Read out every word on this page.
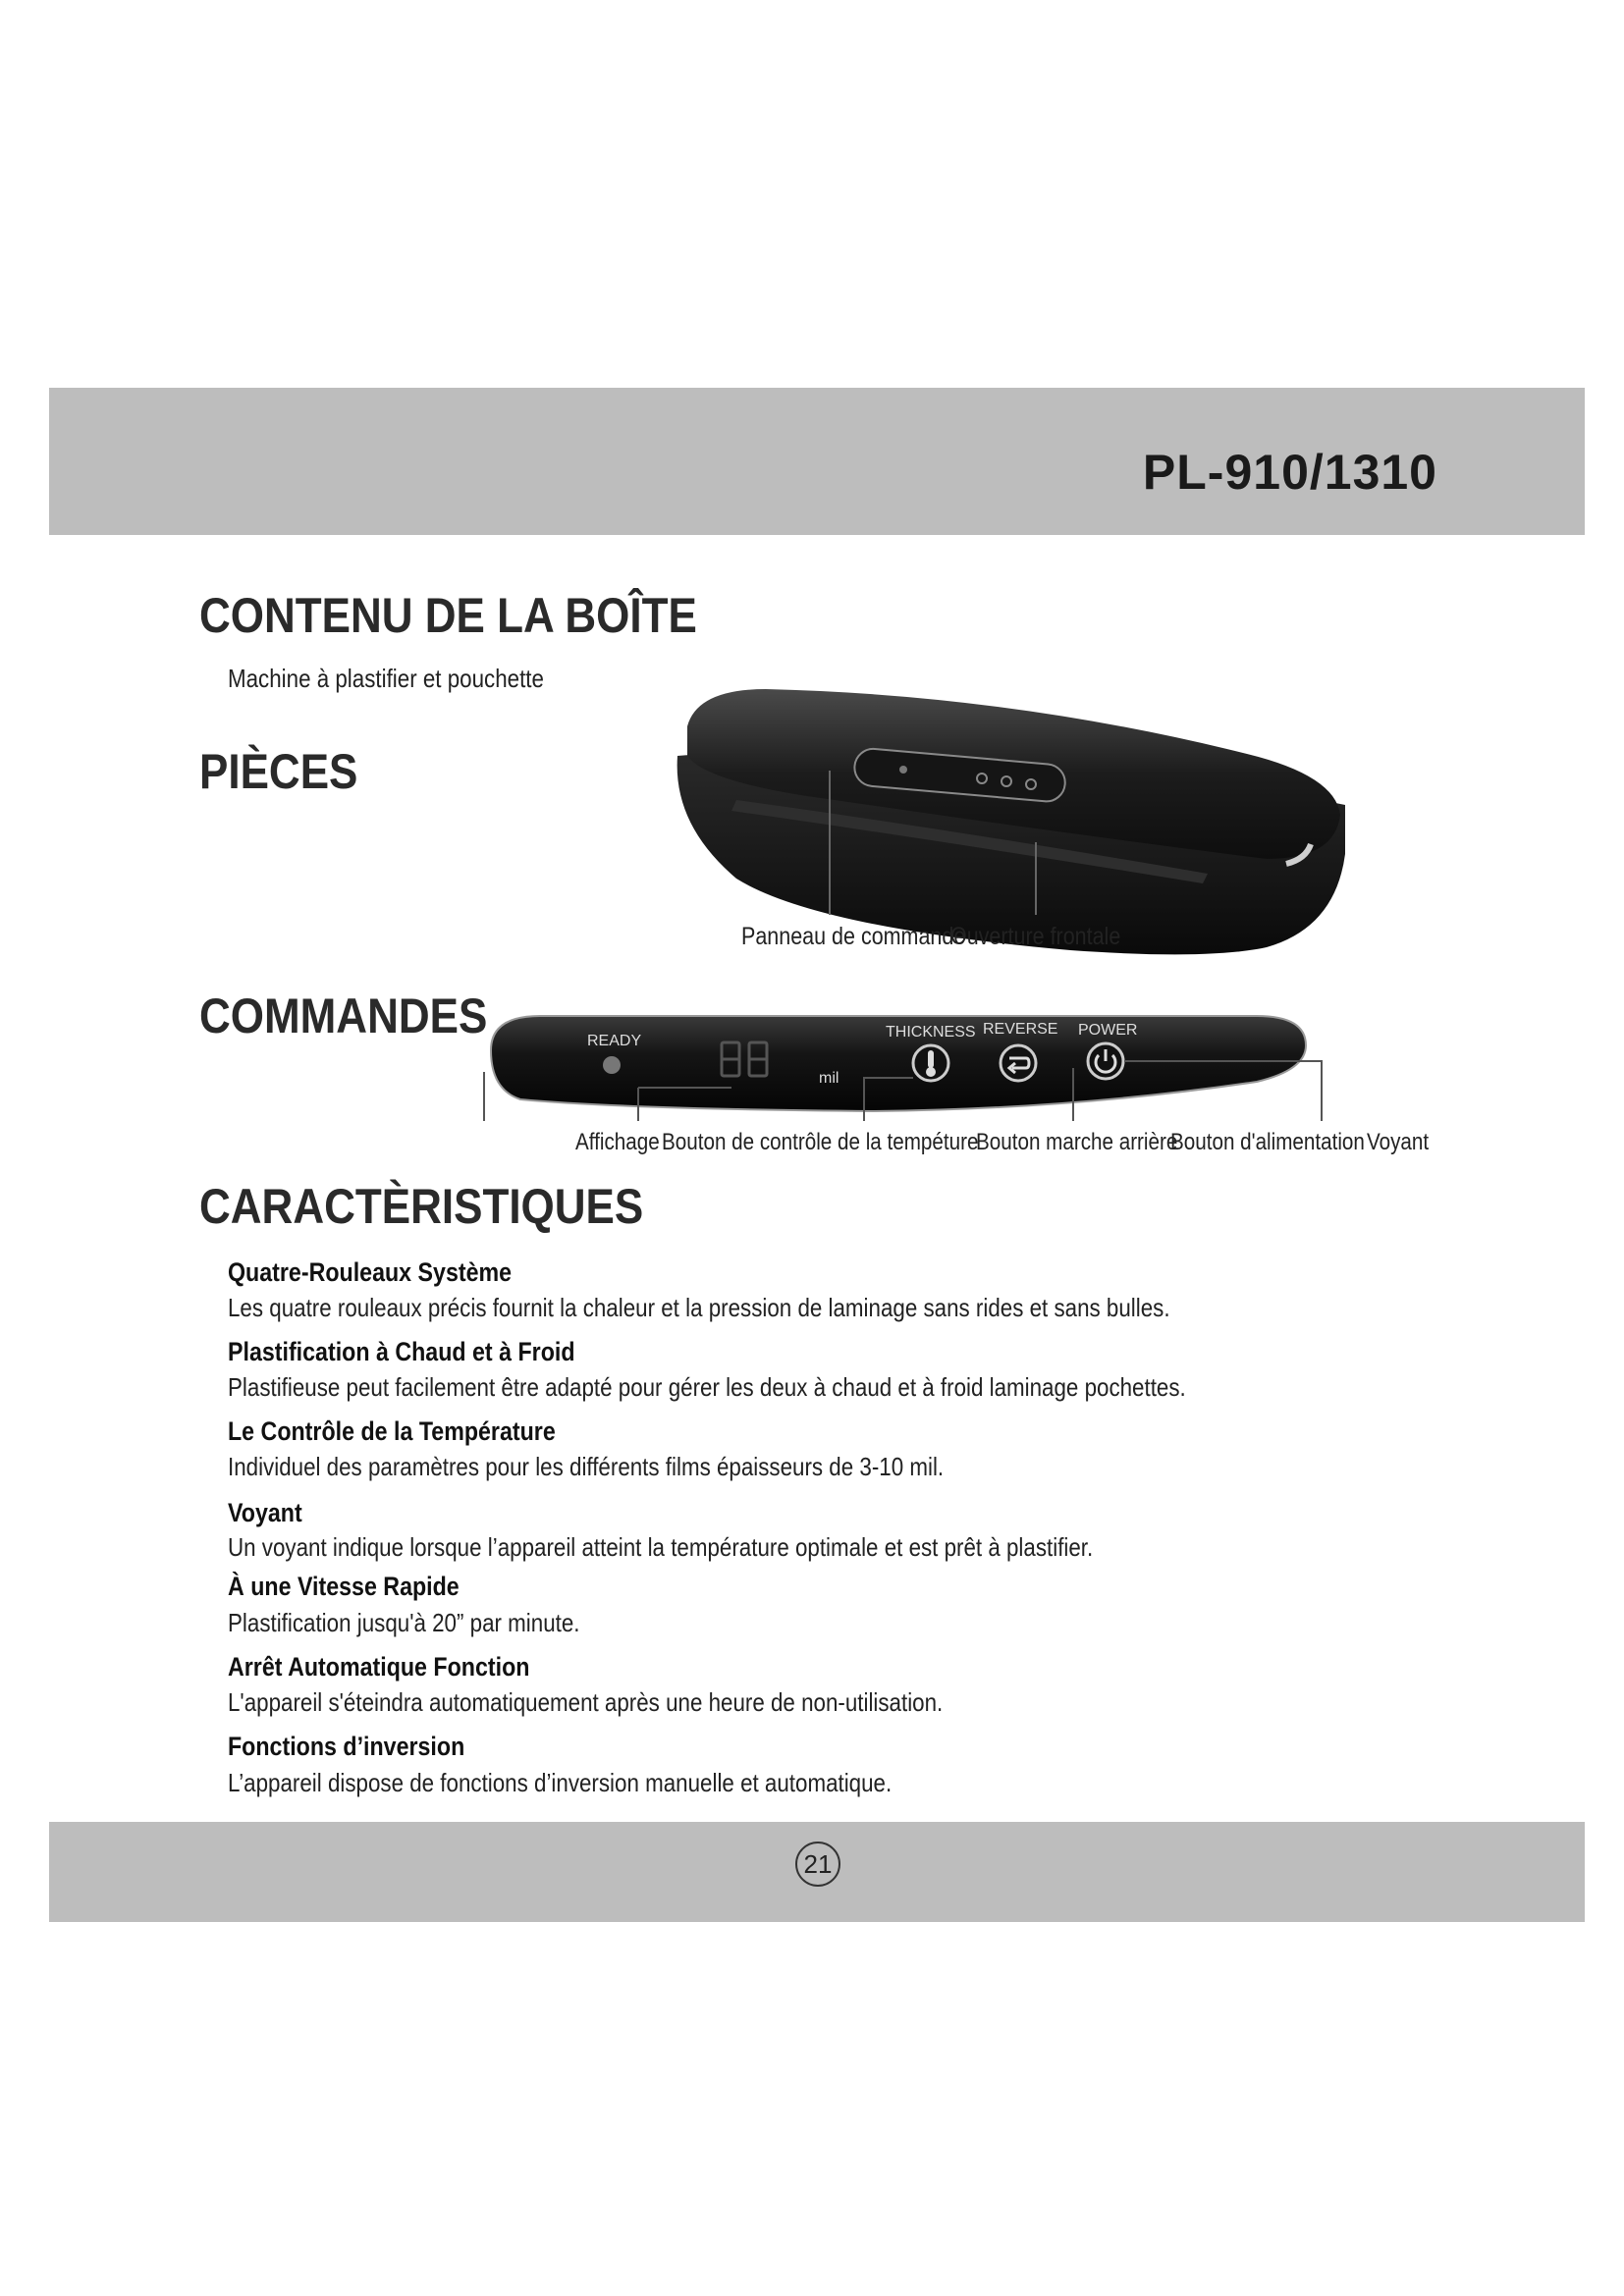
PL-910/1310
CONTENU DE LA BOÎTE
Machine à plastifier et pouchette
PIÈCES
Panneau de commande
Ouverture frontale
COMMANDES	READY
mil
THICKNESS REVERSE POWER
Affichage Bouton de contrôle de la tempéture
Bouton marche arrière
Bouton d'alimentation Voyant
CARACTÈRISTIQUES
Quatre-Rouleaux Système
Les quatre rouleaux précis fournit la chaleur et la pression de laminage sans rides et sans bulles.
Plastification à Chaud et à Froid
Plastifieuse peut facilement être adapté pour gérer les deux à chaud et à froid laminage pochettes.
Le Contrôle de la Température
Individuel des paramètres pour les différents films épaisseurs de 3-10 mil.
Voyant
Un voyant indique lorsque l’appareil atteint la température optimale et est prêt à plastifier.
À une Vitesse Rapide
Plastification jusqu'à 20” par minute.
Arrêt Automatique Fonction
L'appareil s'éteindra automatiquement après une heure de non-utilisation.
Fonctions d’inversion
L’appareil dispose de fonctions d’inversion manuelle et automatique.
21
